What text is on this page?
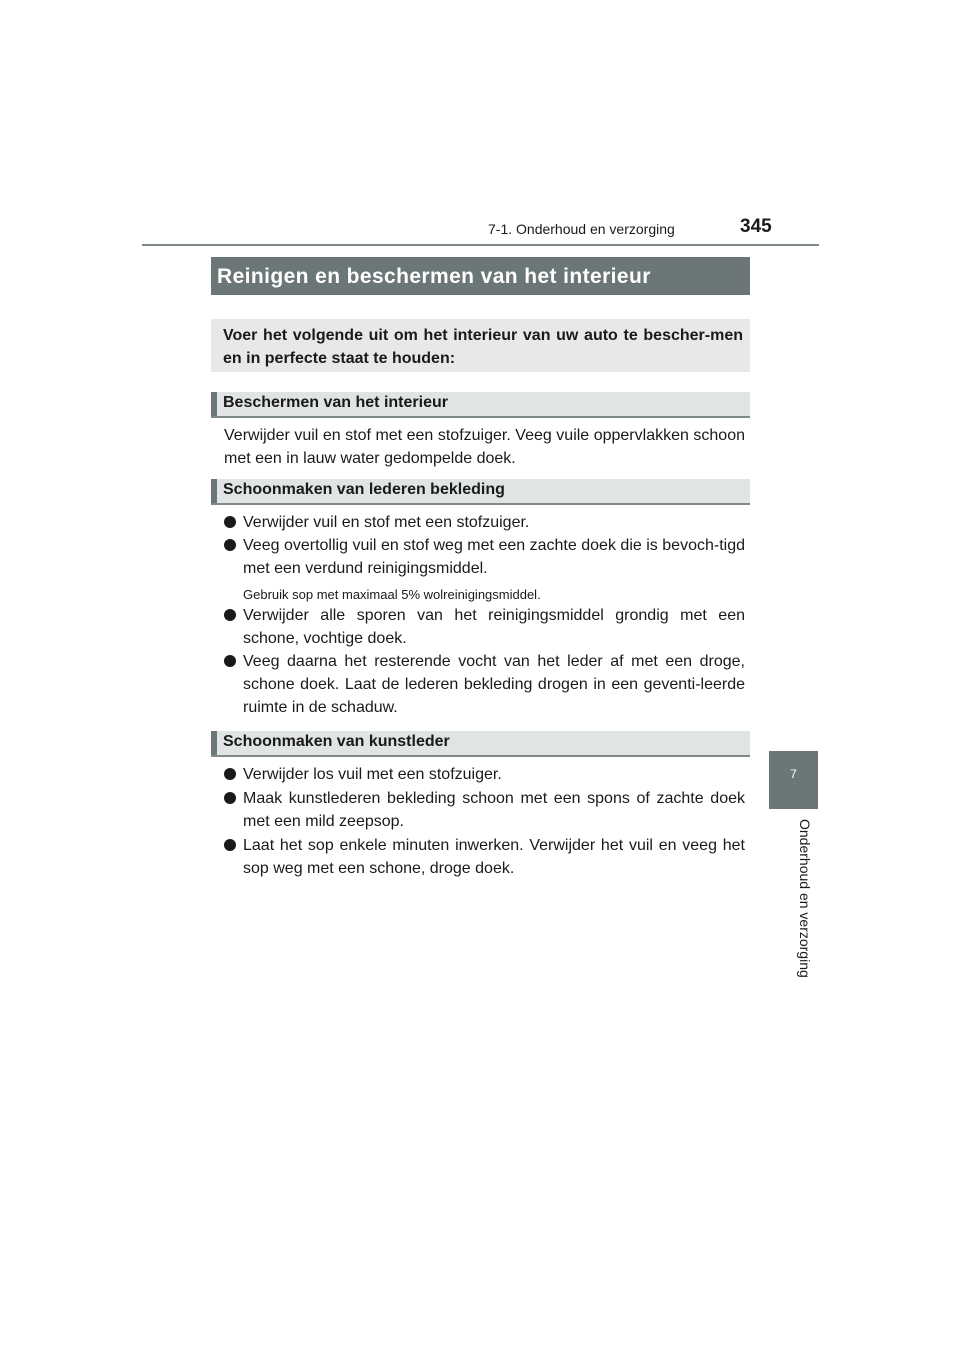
7-1. Onderhoud en verzorging	345
7
Onderhoud en verzorging
Reinigen en beschermen van het interieur
Voer het volgende uit om het interieur van uw auto te bescher-men en in perfecte staat te houden:
Beschermen van het interieur
Verwijder vuil en stof met een stofzuiger. Veeg vuile oppervlakken schoon met een in lauw water gedompelde doek.
Schoonmaken van lederen bekleding
Verwijder vuil en stof met een stofzuiger.
Veeg overtollig vuil en stof weg met een zachte doek die is bevoch-tigd met een verdund reinigingsmiddel.
Gebruik sop met maximaal 5% wolreinigingsmiddel.
Verwijder alle sporen van het reinigingsmiddel grondig met een schone, vochtige doek.
Veeg daarna het resterende vocht van het leder af met een droge, schone doek. Laat de lederen bekleding drogen in een geventi-leerde ruimte in de schaduw.
Schoonmaken van kunstleder
Verwijder los vuil met een stofzuiger.
Maak kunstlederen bekleding schoon met een spons of zachte doek met een mild zeepsop.
Laat het sop enkele minuten inwerken. Verwijder het vuil en veeg het sop weg met een schone, droge doek.
